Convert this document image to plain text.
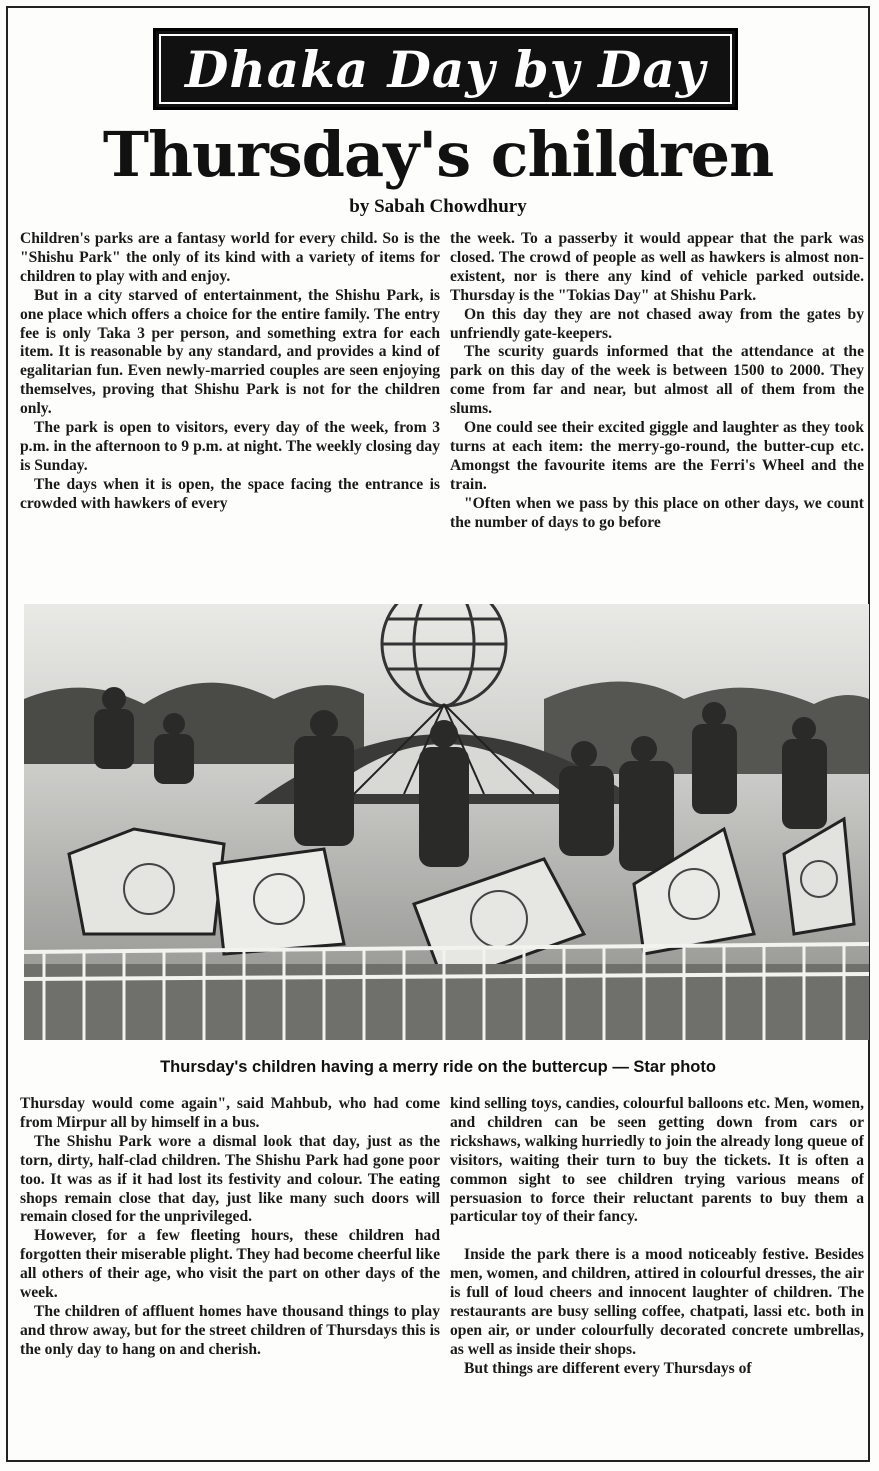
Dhaka Day by Day
Thursday's children
by Sabah Chowdhury

Children's parks are a fantasy world for every child. So is the "Shishu Park" the only of its kind with a variety of items for children to play with and enjoy.

But in a city starved of entertainment, the Shishu Park, is one place which offers a choice for the entire family. The entry fee is only Taka 3 per person, and something extra for each item. It is reasonable by any standard, and provides a kind of egalitarian fun. Even newly-married couples are seen enjoying themselves, proving that Shishu Park is not for the children only.

The park is open to visitors, every day of the week, from 3 p.m. in the afternoon to 9 p.m. at night. The weekly closing day is Sunday.

The days when it is open, the space facing the entrance is crowded with hawkers of every

the week. To a passerby it would appear that the park was closed. The crowd of people as well as hawkers is almost non-existent, nor is there any kind of vehicle parked outside. Thursday is the "Tokias Day" at Shishu Park.

On this day they are not chased away from the gates by unfriendly gate-keepers.

The scurity guards informed that the attendance at the park on this day of the week is between 1500 to 2000. They come from far and near, but almost all of them from the slums.

One could see their excited giggle and laughter as they took turns at each item: the merry-go-round, the butter-cup etc. Amongst the favourite items are the Ferri's Wheel and the train.

"Often when we pass by this place on other days, we count the number of days to go before

Thursday's children having a merry ride on the buttercup — Star photo

Thursday would come again", said Mahbub, who had come from Mirpur all by himself in a bus.

The Shishu Park wore a dismal look that day, just as the torn, dirty, half-clad children. The Shishu Park had gone poor too. It was as if it had lost its festivity and colour. The eating shops remain close that day, just like many such doors will remain closed for the unprivileged.

However, for a few fleeting hours, these children had forgotten their miserable plight. They had become cheerful like all others of their age, who visit the part on other days of the week.

The children of affluent homes have thousand things to play and throw away, but for the street children of Thursdays this is the only day to hang on and cherish.

kind selling toys, candies, colourful balloons etc. Men, women, and children can be seen getting down from cars or rickshaws, walking hurriedly to join the already long queue of visitors, waiting their turn to buy the tickets. It is often a common sight to see children trying various means of persuasion to force their reluctant parents to buy them a particular toy of their fancy.

Inside the park there is a mood noticeably festive. Besides men, women, and children, attired in colourful dresses, the air is full of loud cheers and innocent laughter of children. The restaurants are busy selling coffee, chatpati, lassi etc. both in open air, or under colourfully decorated concrete umbrellas, as well as inside their shops.

But things are different every Thursdays of
